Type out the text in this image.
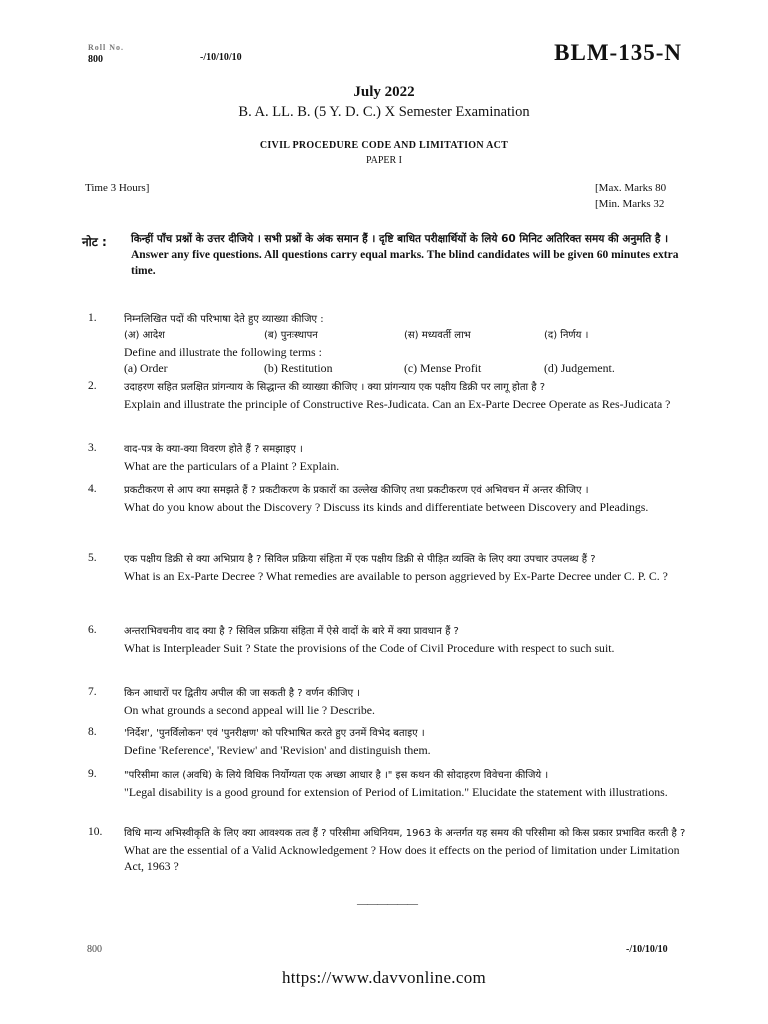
Roll No.
800	-/10/10/10	BLM-135-N
July 2022
B. A. LL. B. (5 Y. D. C.) X Semester Examination
CIVIL PROCEDURE CODE AND LIMITATION ACT
PAPER I
Time 3 Hours]	[Max. Marks 80
[Min. Marks 32
नोट : किन्हीं पाँच प्रश्नों के उत्तर दीजिये । सभी प्रश्नों के अंक समान हैं । दृष्टि बाधित परीक्षार्थियों के लिये 60 मिनिट अतिरिक्त समय की अनुमति है ।
Answer any five questions. All questions carry equal marks. The blind candidates will be given 60 minutes extra time.
1.	निम्नलिखित पदों की परिभाषा देते हुए व्याख्या कीजिए :
(अ) आदेश	(ब) पुनःस्थापन	(स) मध्यवर्ती लाभ	(द) निर्णय ।
Define and illustrate the following terms :
(a) Order	(b) Restitution	(c) Mense Profit	(d) Judgement.
2.	उदाहरण सहित प्रलक्षित प्रांगन्याय के सिद्धान्त की व्याख्या कीजिए । क्या प्रांगन्याय एक पक्षीय डिक्री पर लागू होता है ?
Explain and illustrate the principle of Constructive Res-Judicata. Can an Ex-Parte Decree Operate as Res-Judicata ?
3.	वाद-पत्र के क्या-क्या विवरण होते हैं ? समझाइए ।
What are the particulars of a Plaint ? Explain.
4.	प्रकटीकरण से आप क्या समझते हैं ? प्रकटीकरण के प्रकारों का उल्लेख कीजिए तथा प्रकटीकरण एवं अभिवचन में अन्तर कीजिए ।
What do you know about the Discovery ? Discuss its kinds and differentiate between Discovery and Pleadings.
5.	एक पक्षीय डिक्री से क्या अभिप्राय है ? सिविल प्रक्रिया संहिता में एक पक्षीय डिक्री से पीड़ित व्यक्ति के लिए क्या उपचार उपलब्ध हैं ?
What is an Ex-Parte Decree ? What remedies are available to person aggrieved by Ex-Parte Decree under C. P. C. ?
6.	अन्तराभिवचनीय वाद क्या है ? सिविल प्रक्रिया संहिता में ऐसे वादों के बारे में क्या प्रावधान हैं ?
What is Interpleader Suit ? State the provisions of the Code of Civil Procedure with respect to such suit.
7.	किन आधारों पर द्वितीय अपील की जा सकती है ? वर्णन कीजिए ।
On what grounds a second appeal will lie ? Describe.
8.	'निर्देश', 'पुनर्विलोकन' एवं 'पुनरीक्षण' को परिभाषित करते हुए उनमें विभेद बताइए ।
Define 'Reference', 'Review' and 'Revision' and distinguish them.
9.	"परिसीमा काल (अवधि) के लिये विधिक निर्योग्यता एक अच्छा आधार है ।" इस कथन की सोदाहरण विवेचना कीजिये ।
"Legal disability is a good ground for extension of Period of Limitation." Elucidate the statement with illustrations.
10.	विधि मान्य अभिस्वीकृति के लिए क्या आवश्यक तत्व हैं ? परिसीमा अधिनियम, 1963 के अन्तर्गत यह समय की परिसीमा को किस प्रकार प्रभावित करती है ?
What are the essential of a Valid Acknowledgement ? How does it effects on the period of limitation under Limitation Act, 1963 ?
——————
800	-/10/10/10
https://www.davvonline.com
